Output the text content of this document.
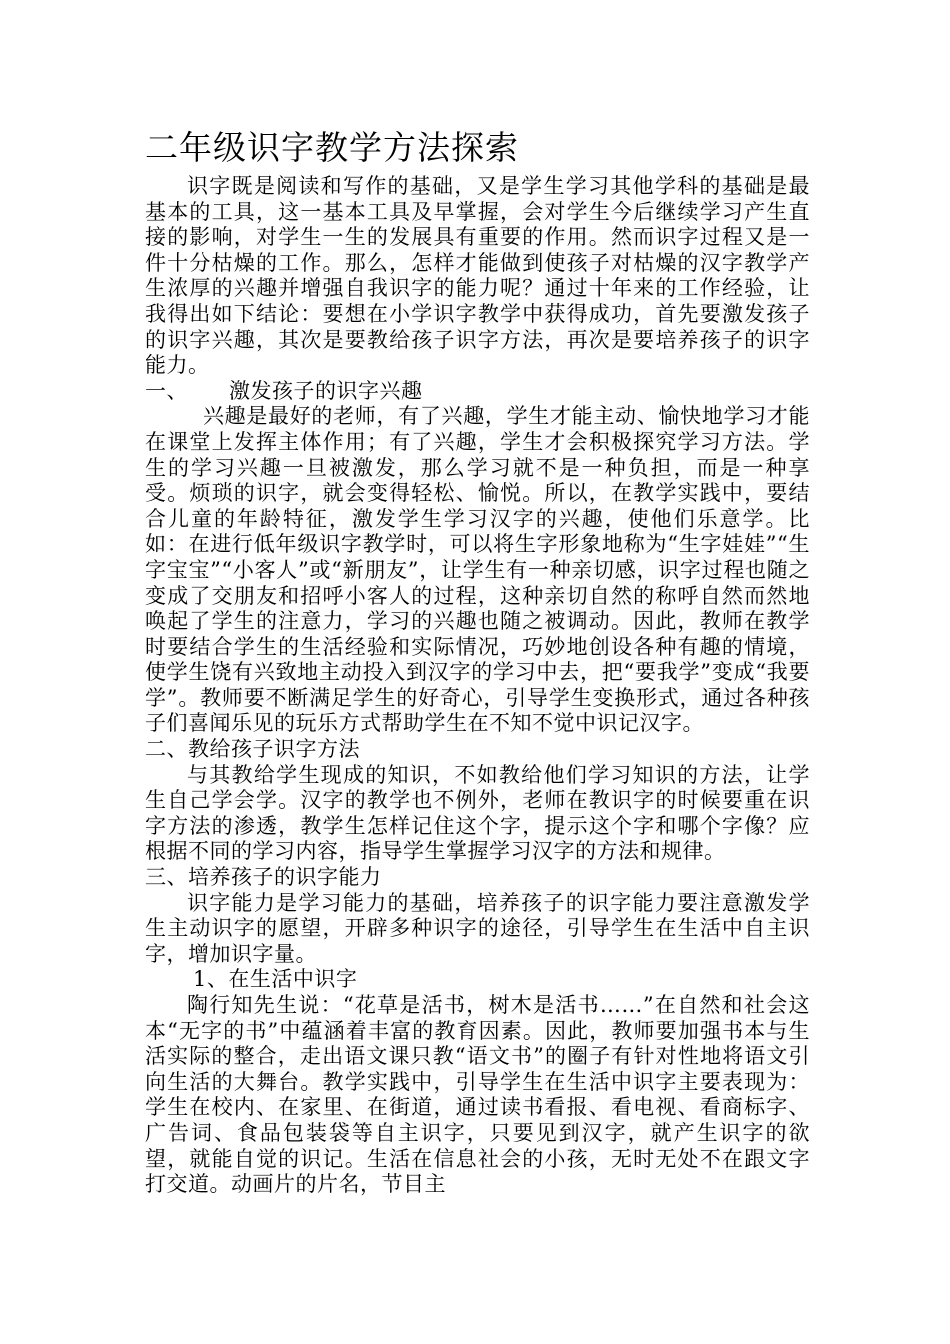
二年级识字教学方法探索

识字既是阅读和写作的基础，又是学生学习其他学科的基础是最基本的工具，这一基本工具及早掌握，会对学生今后继续学习产生直接的影响，对学生一生的发展具有重要的作用。然而识字过程又是一件十分枯燥的工作。那么，怎样才能做到使孩子对枯燥的汉字教学产生浓厚的兴趣并增强自我识字的能力呢？通过十年来的工作经验，让我得出如下结论：要想在小学识字教学中获得成功，首先要激发孩子的识字兴趣，其次是要教给孩子识字方法，再次是要培养孩子的识字能力。

一、 激发孩子的识字兴趣

兴趣是最好的老师，有了兴趣，学生才能主动、愉快地学习才能在课堂上发挥主体作用；有了兴趣，学生才会积极探究学习方法。学生的学习兴趣一旦被激发，那么学习就不是一种负担，而是一种享受。烦琐的识字，就会变得轻松、愉悦。所以，在教学实践中，要结合儿童的年龄特征，激发学生学习汉字的兴趣，使他们乐意学。比如：在进行低年级识字教学时，可以将生字形象地称为“生字娃娃”“生字宝宝”“小客人”或“新朋友”，让学生有一种亲切感，识字过程也随之变成了交朋友和招呼小客人的过程，这种亲切自然的称呼自然而然地唤起了学生的注意力，学习的兴趣也随之被调动。因此，教师在教学时要结合学生的生活经验和实际情况，巧妙地创设各种有趣的情境，使学生饶有兴致地主动投入到汉字的学习中去，把“要我学”变成“我要学”。教师要不断满足学生的好奇心，引导学生变换形式，通过各种孩子们喜闻乐见的玩乐方式帮助学生在不知不觉中识记汉字。

二、教给孩子识字方法

与其教给学生现成的知识，不如教给他们学习知识的方法，让学生自己学会学。汉字的教学也不例外，老师在教识字的时候要重在识字方法的渗透，教学生怎样记住这个字，提示这个字和哪个字像？应根据不同的学习内容，指导学生掌握学习汉字的方法和规律。

三、培养孩子的识字能力

识字能力是学习能力的基础，培养孩子的识字能力要注意激发学生主动识字的愿望，开辟多种识字的途径，引导学生在生活中自主识字，增加识字量。

1、在生活中识字

陶行知先生说：“花草是活书，树木是活书……”在自然和社会这本“无字的书”中蕴涵着丰富的教育因素。因此，教师要加强书本与生活实际的整合，走出语文课只教“语文书”的圈子有针对性地将语文引向生活的大舞台。教学实践中，引导学生在生活中识字主要表现为：学生在校内、在家里、在街道，通过读书看报、看电视、看商标字、广告词、食品包装袋等自主识字，只要见到汉字，就产生识字的欲望，就能自觉的识记。生活在信息社会的小孩，无时无处不在跟文字打交道。动画片的片名，节目主
